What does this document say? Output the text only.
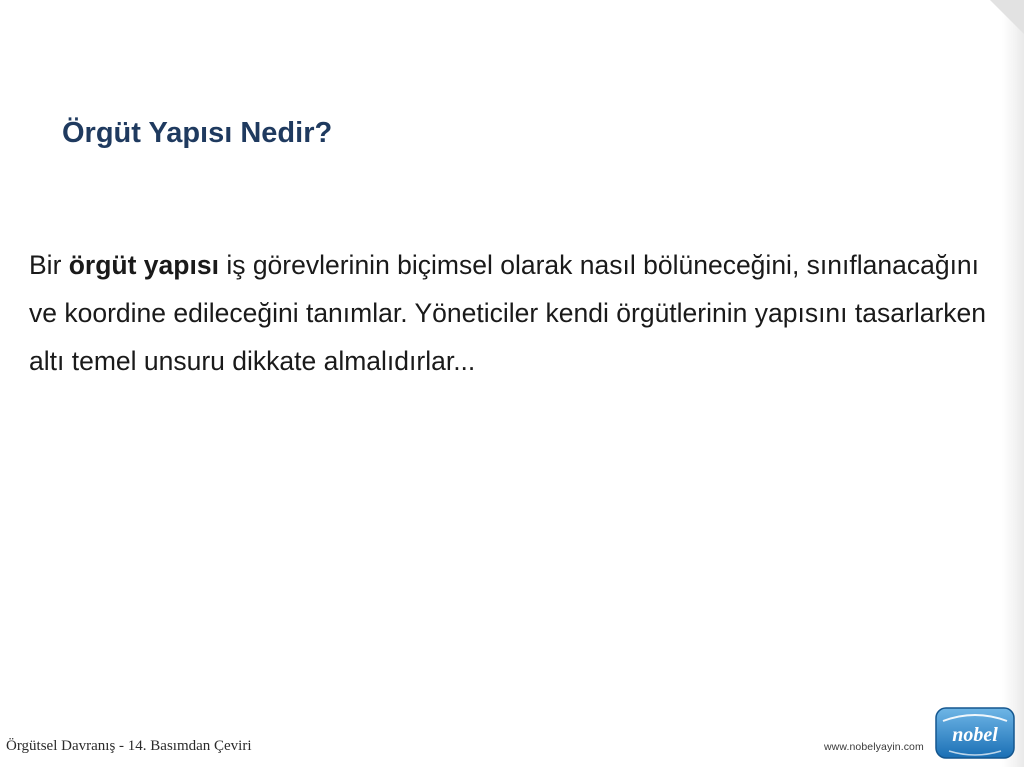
Örgüt Yapısı Nedir?

Bir örgüt yapısı iş görevlerinin biçimsel olarak nasıl bölüneceğini, sınıflanacağını ve koordine edileceğini tanımlar. Yöneticiler kendi örgütlerinin yapısını tasarlarken altı temel unsuru dikkate almalıdırlar...

Örgütsel Davranış - 14. Basımdan Çeviri	www.nobelyayin.com
nobel
